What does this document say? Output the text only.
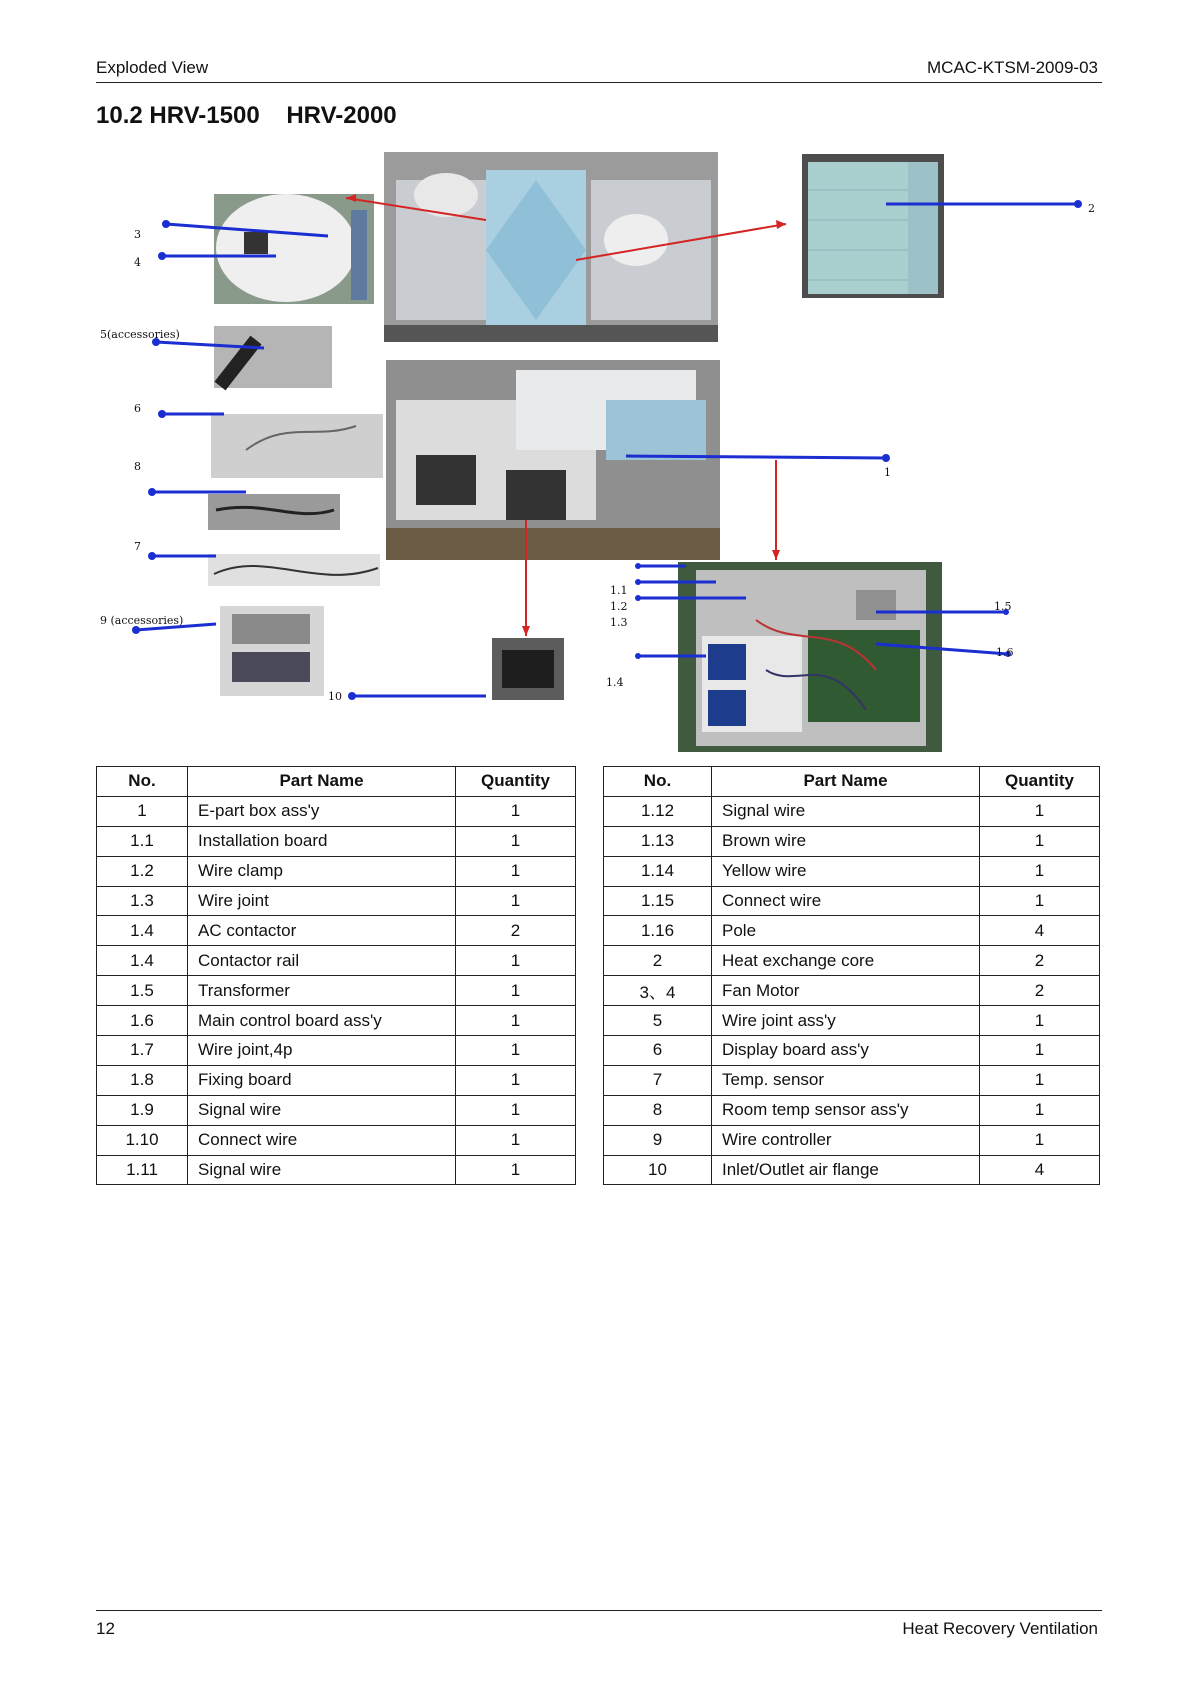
Exploded View	MCAC-KTSM-2009-03
10.2 HRV-1500    HRV-2000
3
4
5(accessories)
6
8
7
9 (accessories)
10
2
1
1.1
1.2
1.3
1.4
1.5
1.6
No.	Part Name	Quantity
1	E-part box ass'y	1
1.1	Installation board	1
1.2	Wire clamp	1
1.3	Wire joint	1
1.4	AC contactor	2
1.4	Contactor rail	1
1.5	Transformer	1
1.6	Main control board ass'y	1
1.7	Wire joint,4p	1
1.8	Fixing board	1
1.9	Signal wire	1
1.10	Connect wire	1
1.11	Signal wire	1
No.	Part Name	Quantity
1.12	Signal wire	1
1.13	Brown wire	1
1.14	Yellow wire	1
1.15	Connect wire	1
1.16	Pole	4
2	Heat exchange core	2
3、4	Fan Motor	2
5	Wire joint ass'y	1
6	Display board ass'y	1
7	Temp. sensor	1
8	Room temp sensor ass'y	1
9	Wire controller	1
10	Inlet/Outlet air flange	4
12	Heat Recovery Ventilation
